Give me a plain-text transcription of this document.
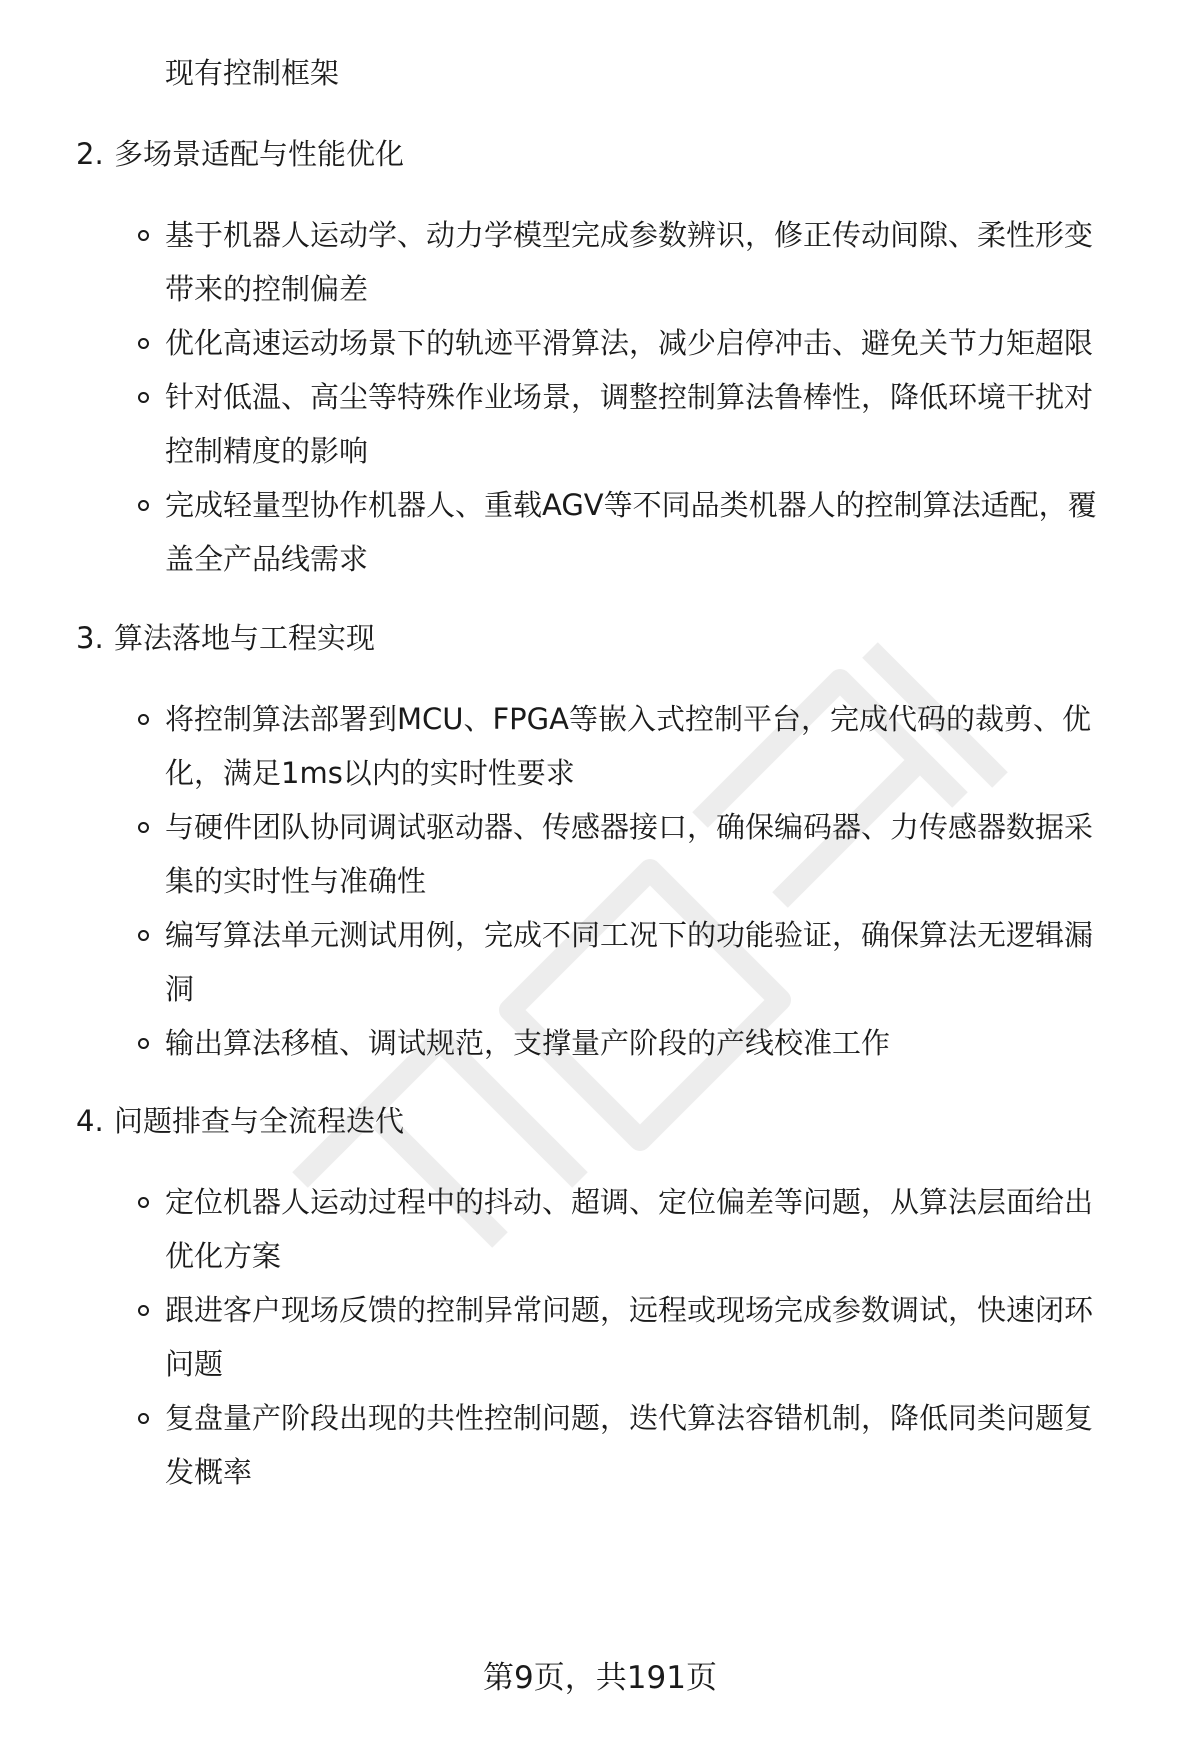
现有控制框架
2. 多场景适配与性能优化
基于机器人运动学、动力学模型完成参数辨识，修正传动间隙、柔性形变
带来的控制偏差
优化高速运动场景下的轨迹平滑算法，减少启停冲击、避免关节力矩超限
针对低温、高尘等特殊作业场景，调整控制算法鲁棒性，降低环境干扰对
控制精度的影响
完成轻量型协作机器人、重载AGV等不同品类机器人的控制算法适配，覆
盖全产品线需求
3. 算法落地与工程实现
将控制算法部署到MCU、FPGA等嵌入式控制平台，完成代码的裁剪、优
化，满足1ms以内的实时性要求
与硬件团队协同调试驱动器、传感器接口，确保编码器、力传感器数据采
集的实时性与准确性
编写算法单元测试用例，完成不同工况下的功能验证，确保算法无逻辑漏
洞
输出算法移植、调试规范，支撑量产阶段的产线校准工作
4. 问题排查与全流程迭代
定位机器人运动过程中的抖动、超调、定位偏差等问题，从算法层面给出
优化方案
跟进客户现场反馈的控制异常问题，远程或现场完成参数调试，快速闭环
问题
复盘量产阶段出现的共性控制问题，迭代算法容错机制，降低同类问题复
发概率
第9页，共191页
